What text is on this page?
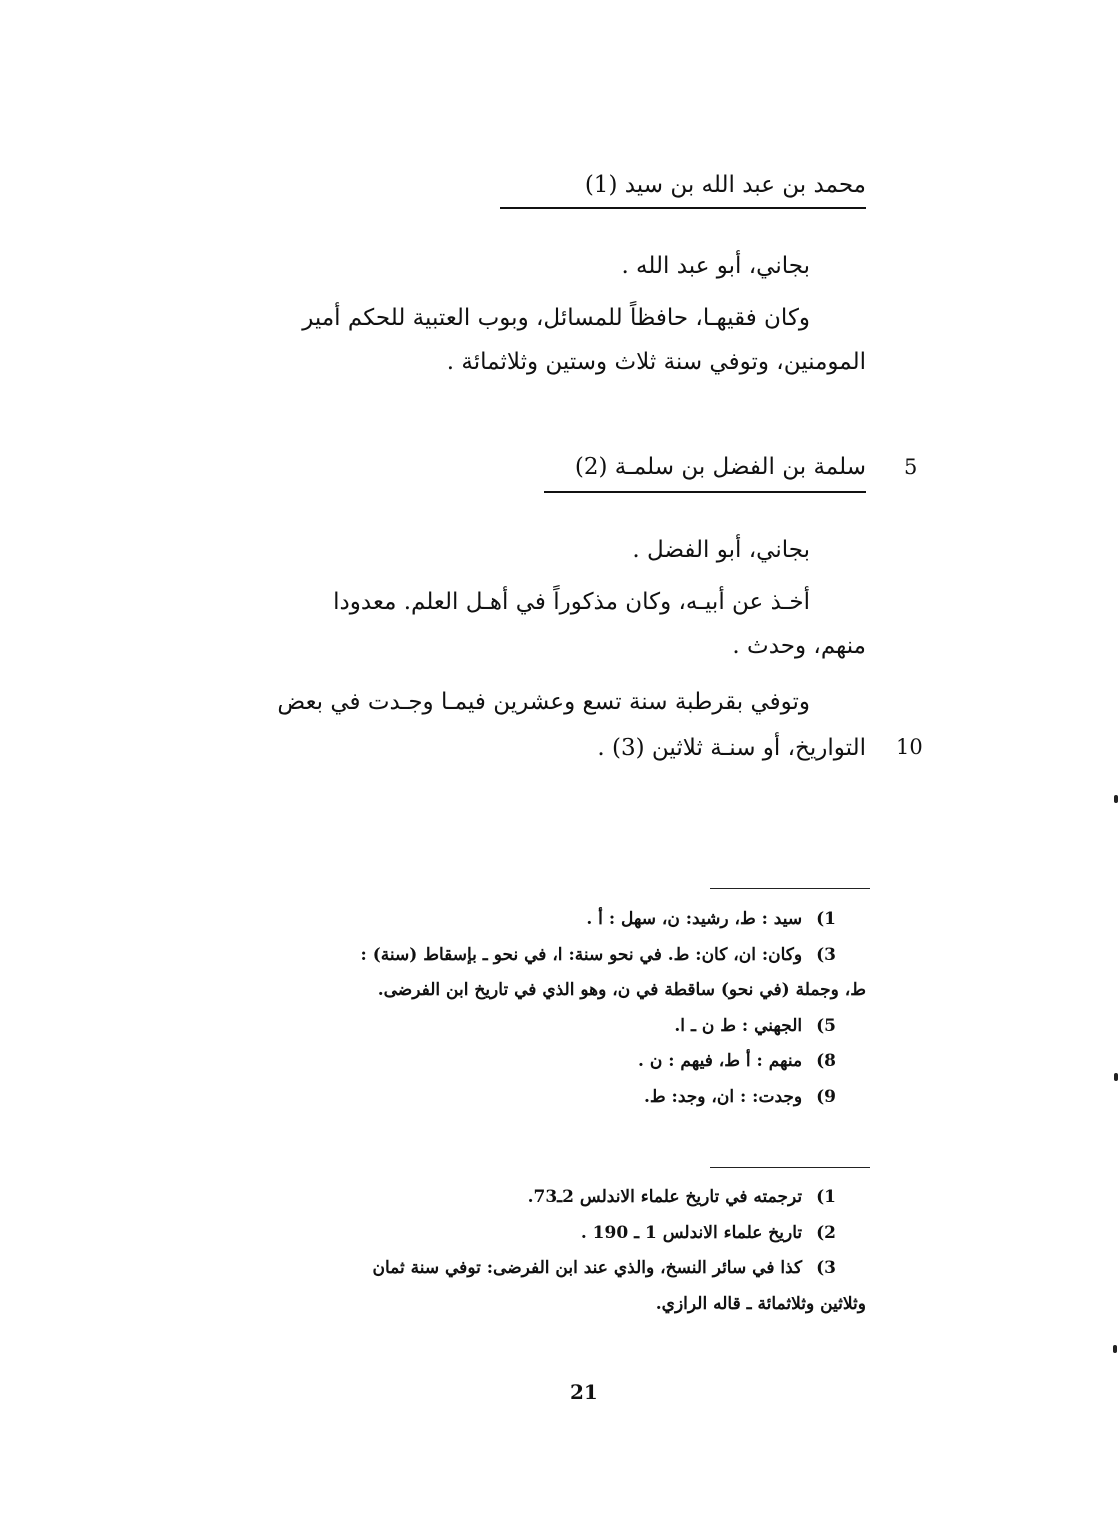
محمد بن عبد الله بن سيد (1)
بجاني، أبو عبد الله .
وكان فقيهـا، حافظاً للمسائل، وبوب العتبية للحكم أمير
المومنين، وتوفي سنة ثلاث وستين وثلاثمائة .
5
سلمة بن الفضل بن سلمـة (2)
بجاني، أبو الفضل .
أخـذ عن أبيـه، وكان مذكوراً في أهـل العلم. معدودا
منهم، وحدث .
وتوفي بقرطبة سنة تسع وعشرين فيمـا وجـدت في بعض
التواريخ، أو سنـة ثلاثين (3) . 10
1)سيد : ط، رشيد: ن، سهل : أ .
3)وكان: ان، كان: ط. في نحو سنة: ا، في نحو ـ بإسقاط (سنة) :
ط، وجملة (في نحو) ساقطة في ن، وهو الذي في تاريخ ابن الفرضى.
5)الجهني : ط ن ـ ا.
8)منهم : أ ط، فيهم : ن .
9)وجدت: : ان، وجد: ط.
1)ترجمته في تاريخ علماء الاندلس 2ـ73.
2)تاريخ علماء الاندلس 1 ـ 190 .
3)كذا في سائر النسخ، والذي عند ابن الفرضى: توفي سنة ثمان
وثلاثين وثلاثمائة ـ قاله الرازي.
21
